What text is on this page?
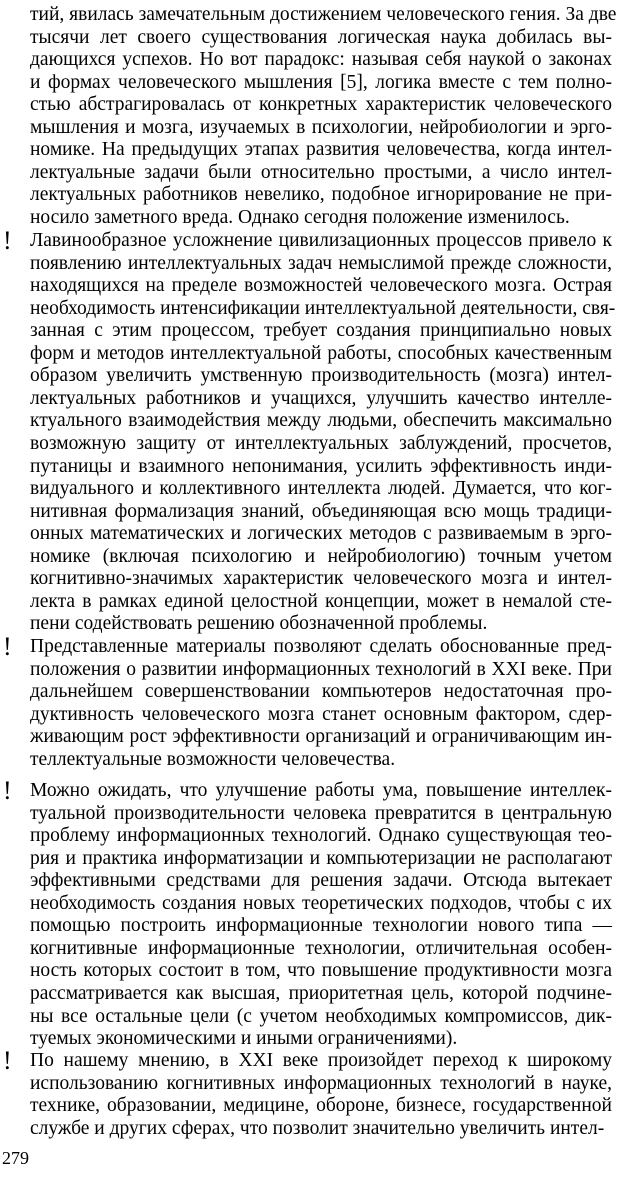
тий, явилась замечательным достижением человеческого гения. За две
тысячи лет своего существования логическая наука добилась вы-
дающихся успехов. Но вот парадокс: называя себя наукой о законах
и формах человеческого мышления [5], логика вместе с тем полно-
стью абстрагировалась от конкретных характеристик человеческого
мышления и мозга, изучаемых в психологии, нейробиологии и эрго-
номике. На предыдущих этапах развития человечества, когда интел-
лектуальные задачи были относительно простыми, а число интел-
лектуальных работников невелико, подобное игнорирование не при-
носило заметного вреда. Однако сегодня положение изменилось.
! Лавинообразное усложнение цивилизационных процессов привело к
появлению интеллектуальных задач немыслимой прежде сложности,
находящихся на пределе возможностей человеческого мозга. Острая
необходимость интенсификации интеллектуальной деятельности, свя-
занная с этим процессом, требует создания принципиально новых
форм и методов интеллектуальной работы, способных качественным
образом увеличить умственную производительность (мозга) интел-
лектуальных работников и учащихся, улучшить качество интелле-
ктуального взаимодействия между людьми, обеспечить максимально
возможную защиту от интеллектуальных заблуждений, просчетов,
путаницы и взаимного непонимания, усилить эффективность инди-
видуального и коллективного интеллекта людей. Думается, что ког-
нитивная формализация знаний, объединяющая всю мощь традици-
онных математических и логических методов с развиваемым в эрго-
номике (включая психологию и нейробиологию) точным учетом
когнитивно-значимых характеристик человеческого мозга и интел-
лекта в рамках единой целостной концепции, может в немалой сте-
пени содействовать решению обозначенной проблемы.
! Представленные материалы позволяют сделать обоснованные пред-
положения о развитии информационных технологий в XXI веке. При
дальнейшем совершенствовании компьютеров недостаточная про-
дуктивность человеческого мозга станет основным фактором, сдер-
живающим рост эффективности организаций и ограничивающим ин-
теллектуальные возможности человечества.
! Можно ожидать, что улучшение работы ума, повышение интеллек-
туальной производительности человека превратится в центральную
проблему информационных технологий. Однако существующая тео-
рия и практика информатизации и компьютеризации не располагают
эффективными средствами для решения задачи. Отсюда вытекает
необходимость создания новых теоретических подходов, чтобы с их
помощью построить информационные технологии нового типа —
когнитивные информационные технологии, отличительная особен-
ность которых состоит в том, что повышение продуктивности мозга
рассматривается как высшая, приоритетная цель, которой подчине-
ны все остальные цели (с учетом необходимых компромиссов, дик-
туемых экономическими и иными ограничениями).
! По нашему мнению, в XXI веке произойдет переход к широкому
использованию когнитивных информационных технологий в науке,
технике, образовании, медицине, обороне, бизнесе, государственной
службе и других сферах, что позволит значительно увеличить интел-
279
